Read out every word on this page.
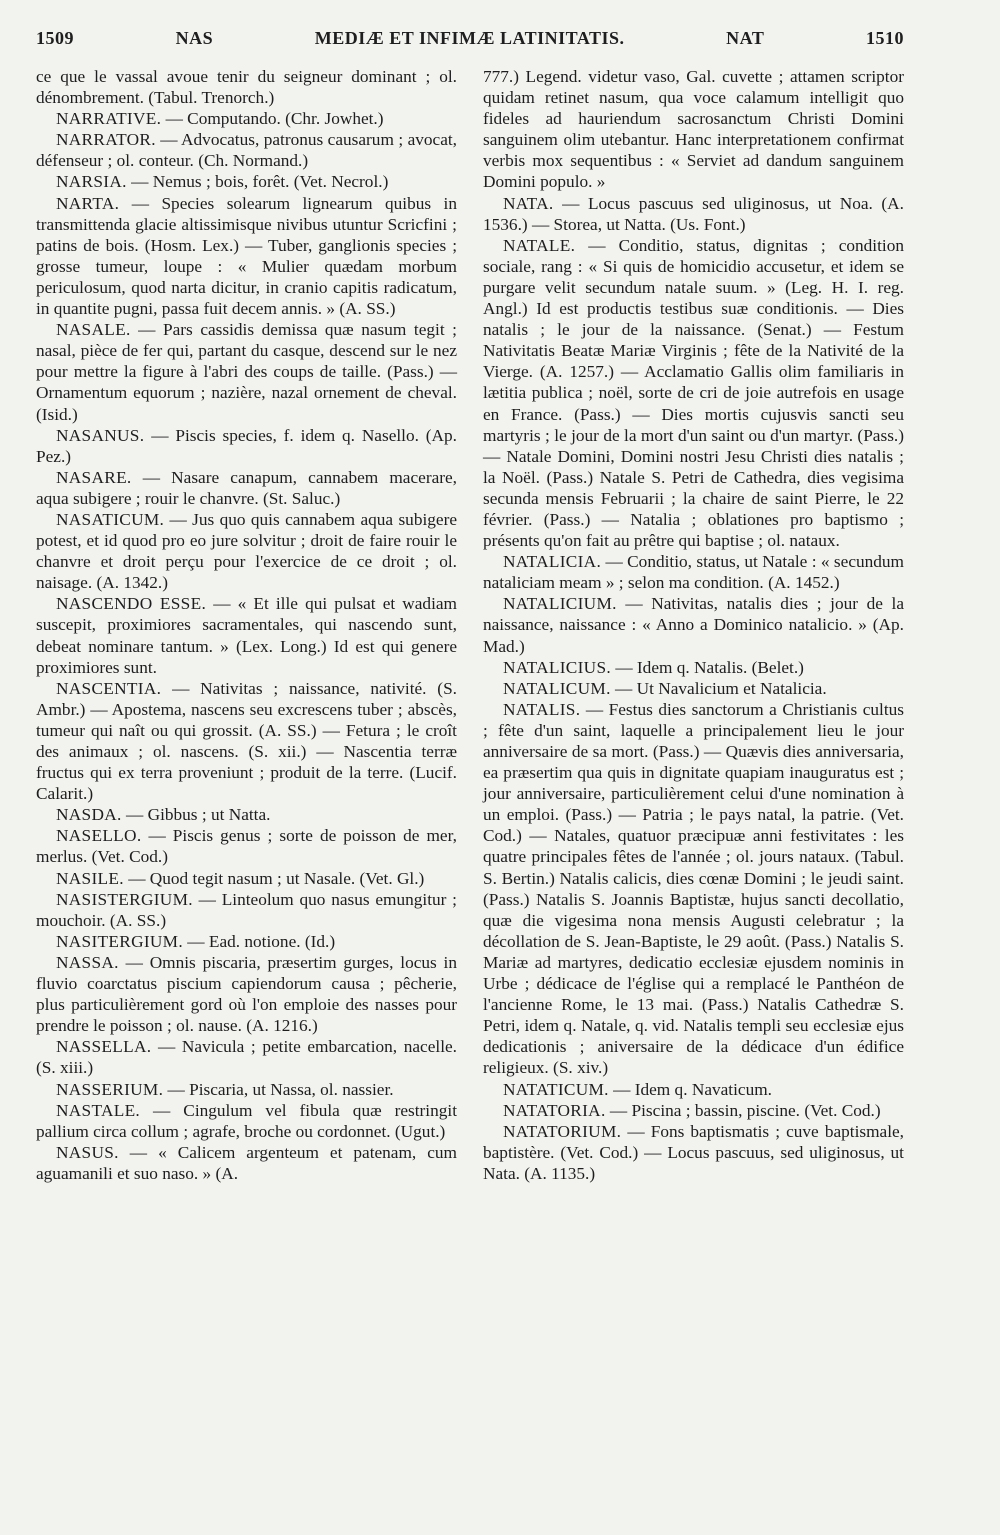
1509	NAS	MEDIÆ ET INFIMÆ LATINITATIS.	NAT	1510

ce que le vassal avoue tenir du seigneur dominant ; ol. dénombrement. (Tabul. Trenorch.)

NARRATIVE. — Computando. (Chr. Jowhet.)

NARRATOR. — Advocatus, patronus causarum ; avocat, défenseur ; ol. conteur. (Ch. Normand.)

NARSIA. — Nemus ; bois, forêt. (Vet. Necrol.)

NARTA. — Species solearum lignearum quibus in transmittenda glacie altissimisque nivibus utuntur Scricfini ; patins de bois. (Hosm. Lex.) — Tuber, ganglionis species ; grosse tumeur, loupe : « Mulier quædam morbum periculosum, quod narta dicitur, in cranio capitis radicatum, in quantite pugni, passa fuit decem annis. » (A. SS.)

NASALE. — Pars cassidis demissa quæ nasum tegit ; nasal, pièce de fer qui, partant du casque, descend sur le nez pour mettre la figure à l'abri des coups de taille. (Pass.) — Ornamentum equorum ; nazière, nazal ornement de cheval. (Isid.)

NASANUS. — Piscis species, f. idem q. Nasello. (Ap. Pez.)

NASARE. — Nasare canapum, cannabem macerare, aqua subigere ; rouir le chanvre. (St. Saluc.)

NASATICUM. — Jus quo quis cannabem aqua subigere potest, et id quod pro eo jure solvitur ; droit de faire rouir le chanvre et droit perçu pour l'exercice de ce droit ; ol. naisage. (A. 1342.)

NASCENDO ESSE. — « Et ille qui pulsat et wadiam suscepit, proximiores sacramentales, qui nascendo sunt, debeat nominare tantum. » (Lex. Long.) Id est qui genere proximiores sunt.

NASCENTIA. — Nativitas ; naissance, nativité. (S. Ambr.) — Apostema, nascens seu excrescens tuber ; abscès, tumeur qui naît ou qui grossit. (A. SS.) — Fetura ; le croît des animaux ; ol. nascens. (S. xii.) — Nascentia terræ fructus qui ex terra proveniunt ; produit de la terre. (Lucif. Calarit.)

NASDA. — Gibbus ; ut Natta.

NASELLO. — Piscis genus ; sorte de poisson de mer, merlus. (Vet. Cod.)

NASILE. — Quod tegit nasum ; ut Nasale. (Vet. Gl.)

NASISTERGIUM. — Linteolum quo nasus emungitur ; mouchoir. (A. SS.)

NASITERGIUM. — Ead. notione. (Id.)

NASSA. — Omnis piscaria, præsertim gurges, locus in fluvio coarctatus piscium capiendorum causa ; pêcherie, plus particulièrement gord où l'on emploie des nasses pour prendre le poisson ; ol. nause. (A. 1216.)

NASSELLA. — Navicula ; petite embarcation, nacelle. (S. xiii.)

NASSERIUM. — Piscaria, ut Nassa, ol. nassier.

NASTALE. — Cingulum vel fibula quæ restringit pallium circa collum ; agrafe, broche ou cordonnet. (Ugut.)

NASUS. — « Calicem argenteum et patenam, cum aguamanili et suo naso. » (A.

777.) Legend. videtur vaso, Gal. cuvette ; attamen scriptor quidam retinet nasum, qua voce calamum intelligit quo fideles ad hauriendum sacrosanctum Christi Domini sanguinem olim utebantur. Hanc interpretationem confirmat verbis mox sequentibus : « Serviet ad dandum sanguinem Domini populo. »

NATA. — Locus pascuus sed uliginosus, ut Noa. (A. 1536.) — Storea, ut Natta. (Us. Font.)

NATALE. — Conditio, status, dignitas ; condition sociale, rang : « Si quis de homicidio accusetur, et idem se purgare velit secundum natale suum. » (Leg. H. I. reg. Angl.) Id est productis testibus suæ conditionis. — Dies natalis ; le jour de la naissance. (Senat.) — Festum Nativitatis Beatæ Mariæ Virginis ; fête de la Nativité de la Vierge. (A. 1257.) — Acclamatio Gallis olim familiaris in lætitia publica ; noël, sorte de cri de joie autrefois en usage en France. (Pass.) — Dies mortis cujusvis sancti seu martyris ; le jour de la mort d'un saint ou d'un martyr. (Pass.) — Natale Domini, Domini nostri Jesu Christi dies natalis ; la Noël. (Pass.) Natale S. Petri de Cathedra, dies vegisima secunda mensis Februarii ; la chaire de saint Pierre, le 22 février. (Pass.) — Natalia ; oblationes pro baptismo ; présents qu'on fait au prêtre qui baptise ; ol. nataux.

NATALICIA. — Conditio, status, ut Natale : « secundum nataliciam meam » ; selon ma condition. (A. 1452.)

NATALICIUM. — Nativitas, natalis dies ; jour de la naissance, naissance : « Anno a Dominico natalicio. » (Ap. Mad.)

NATALICIUS. — Idem q. Natalis. (Belet.)

NATALICUM. — Ut Navalicium et Natalicia.

NATALIS. — Festus dies sanctorum a Christianis cultus ; fête d'un saint, laquelle a principalement lieu le jour anniversaire de sa mort. (Pass.) — Quævis dies anniversaria, ea præsertim qua quis in dignitate quapiam inauguratus est ; jour anniversaire, particulièrement celui d'une nomination à un emploi. (Pass.) — Patria ; le pays natal, la patrie. (Vet. Cod.) — Natales, quatuor præcipuæ anni festivitates : les quatre principales fêtes de l'année ; ol. jours nataux. (Tabul. S. Bertin.) Natalis calicis, dies cœnæ Domini ; le jeudi saint. (Pass.) Natalis S. Joannis Baptistæ, hujus sancti decollatio, quæ die vigesima nona mensis Augusti celebratur ; la décollation de S. Jean-Baptiste, le 29 août. (Pass.) Natalis S. Mariæ ad martyres, dedicatio ecclesiæ ejusdem nominis in Urbe ; dédicace de l'église qui a remplacé le Panthéon de l'ancienne Rome, le 13 mai. (Pass.) Natalis Cathedræ S. Petri, idem q. Natale, q. vid. Natalis templi seu ecclesiæ ejus dedicationis ; aniversaire de la dédicace d'un édifice religieux. (S. xiv.)

NATATICUM. — Idem q. Navaticum.

NATATORIA. — Piscina ; bassin, piscine. (Vet. Cod.)

NATATORIUM. — Fons baptismatis ; cuve baptismale, baptistère. (Vet. Cod.) — Locus pascuus, sed uliginosus, ut Nata. (A. 1135.)
